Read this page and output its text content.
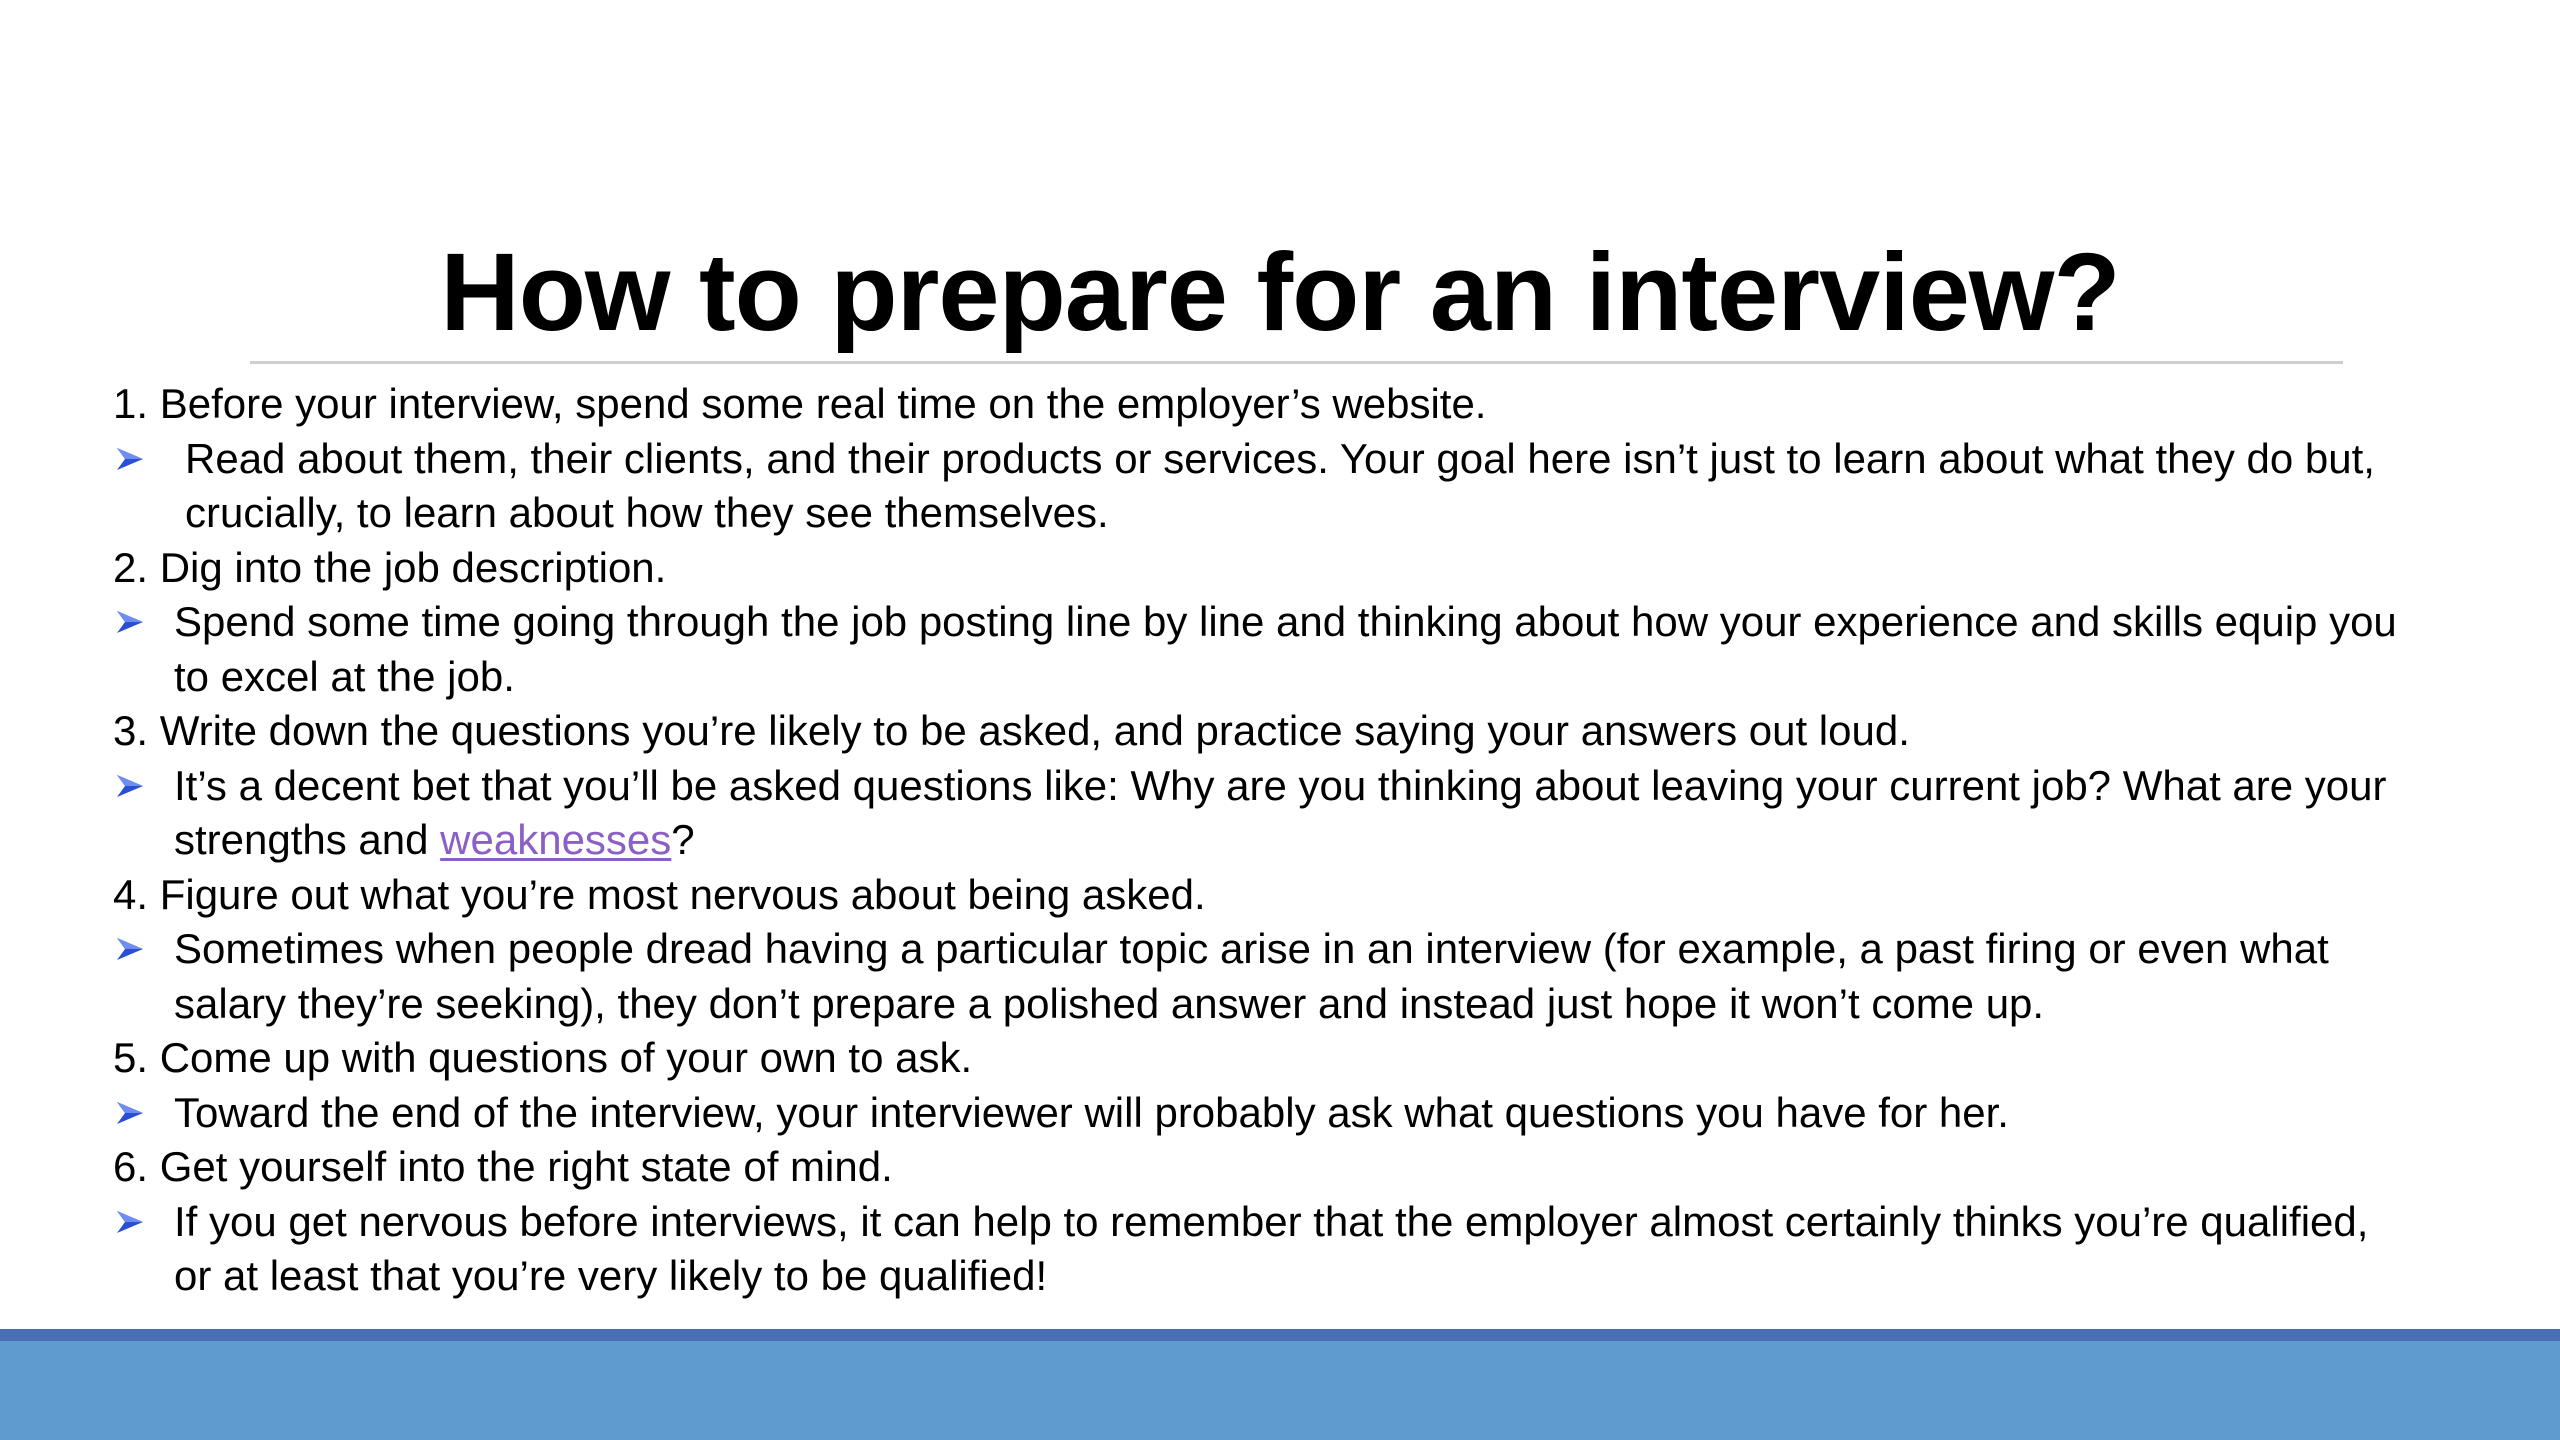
How to prepare for an interview?
1.
Before your interview, spend some real time on the employer’s website.
Read about them, their clients, and their products or services. Your goal here isn’t just to learn about what they do but, crucially, to learn about how they see themselves.
2.
Dig into the job description.
Spend some time going through the job posting line by line and thinking about how your experience and skills equip you to excel at the job.
3.
Write down the questions you’re likely to be asked, and practice saying your answers out loud.
It’s a decent bet that you’ll be asked questions like: Why are you thinking about leaving your current job? What are your strengths and weaknesses?
4.
Figure out what you’re most nervous about being asked.
Sometimes when people dread having a particular topic arise in an interview (for example, a past firing or even what salary they’re seeking), they don’t prepare a polished answer and instead just hope it won’t come up.
5.
Come up with questions of your own to ask.
Toward the end of the interview, your interviewer will probably ask what questions you have for her.
6.
Get yourself into the right state of mind.
If you get nervous before interviews, it can help to remember that the employer almost certainly thinks you’re qualified, or at least that you’re very likely to be qualified!
